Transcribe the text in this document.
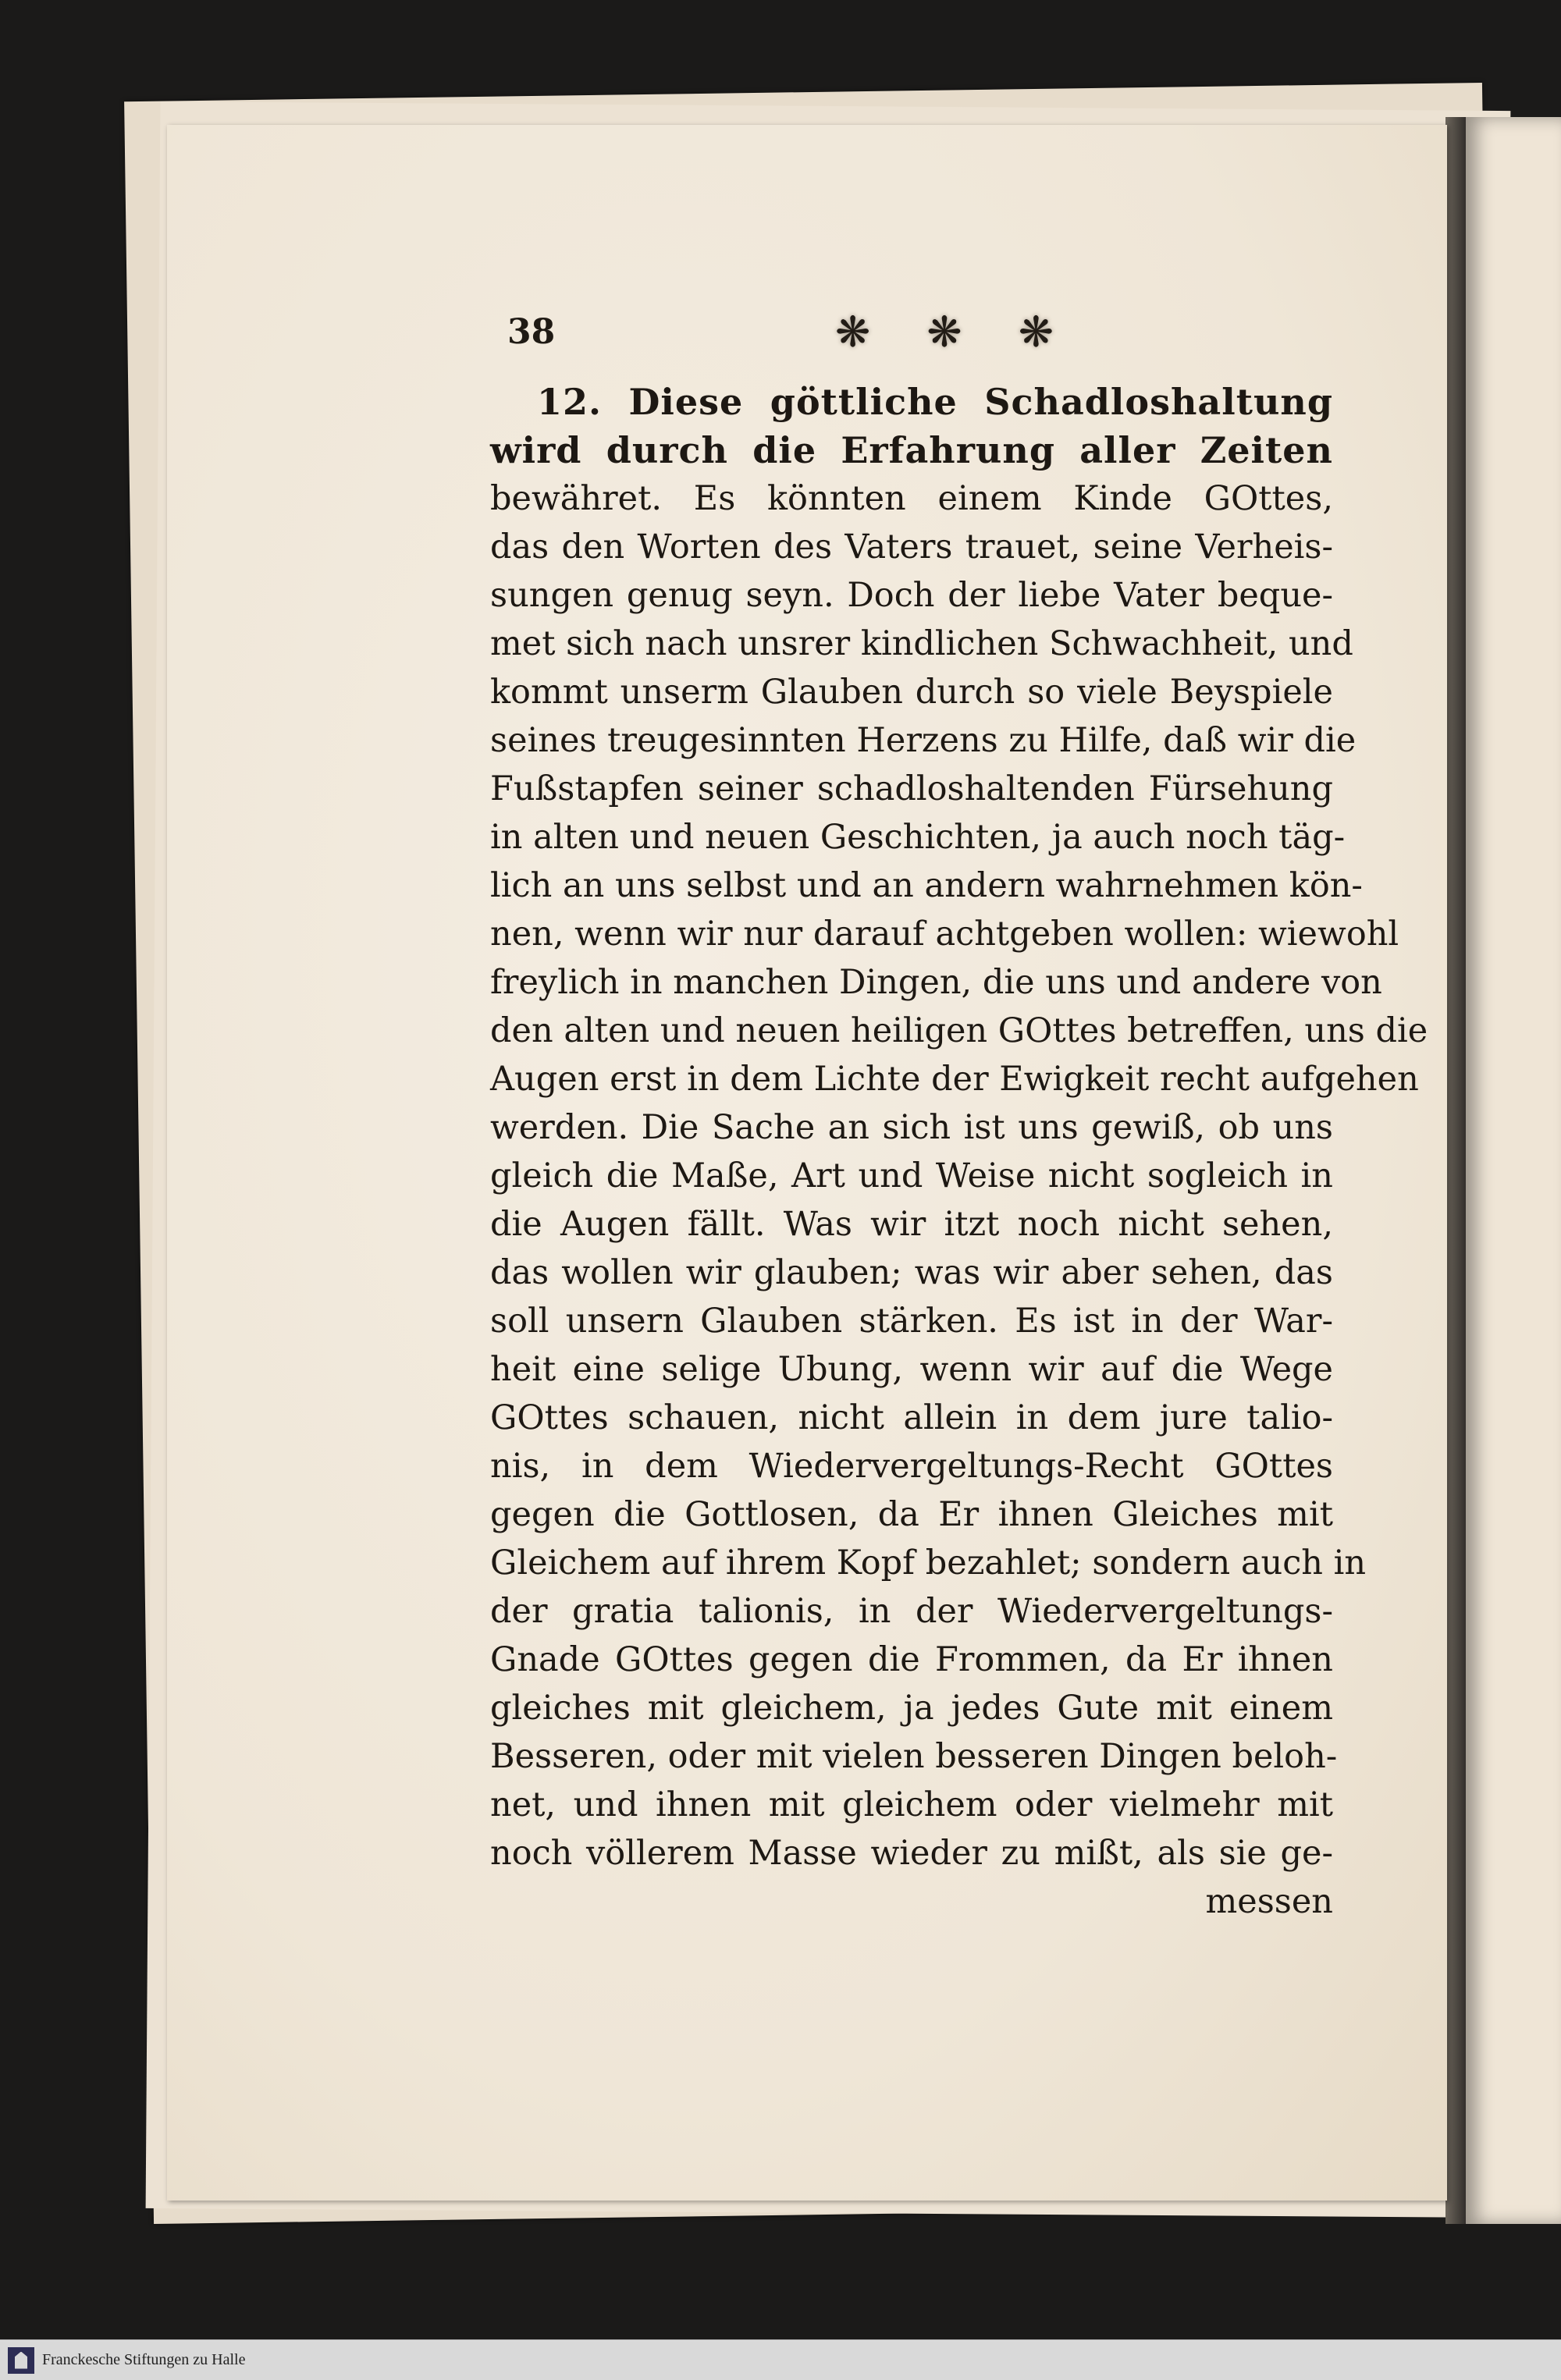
38	❋ ❋ ❋
12. Diese göttliche Schadloshaltung
wird durch die Erfahrung aller Zeiten
bewähret. Es könnten einem Kinde GOttes,
das den Worten des Vaters trauet, seine Verheis-
sungen genug seyn. Doch der liebe Vater beque-
met sich nach unsrer kindlichen Schwachheit, und
kommt unserm Glauben durch so viele Beyspiele
seines treugesinnten Herzens zu Hilfe, daß wir die
Fußstapfen seiner schadloshaltenden Fürsehung
in alten und neuen Geschichten, ja auch noch täg-
lich an uns selbst und an andern wahrnehmen kön-
nen, wenn wir nur darauf achtgeben wollen: wiewohl
freylich in manchen Dingen, die uns und andere von
den alten und neuen heiligen GOttes betreffen, uns die
Augen erst in dem Lichte der Ewigkeit recht aufgehen
werden. Die Sache an sich ist uns gewiß, ob uns
gleich die Maße, Art und Weise nicht sogleich in
die Augen fällt. Was wir itzt noch nicht sehen,
das wollen wir glauben; was wir aber sehen, das
soll unsern Glauben stärken. Es ist in der War-
heit eine selige Ubung, wenn wir auf die Wege
GOttes schauen, nicht allein in dem jure talio-
nis, in dem Wiedervergeltungs-Recht GOttes
gegen die Gottlosen, da Er ihnen Gleiches mit
Gleichem auf ihrem Kopf bezahlet; sondern auch in
der gratia talionis, in der Wiedervergeltungs-
Gnade GOttes gegen die Frommen, da Er ihnen
gleiches mit gleichem, ja jedes Gute mit einem
Besseren, oder mit vielen besseren Dingen beloh-
net, und ihnen mit gleichem oder vielmehr mit
noch völlerem Masse wieder zu mißt, als sie ge-
messen
Franckesche Stiftungen zu Halle
